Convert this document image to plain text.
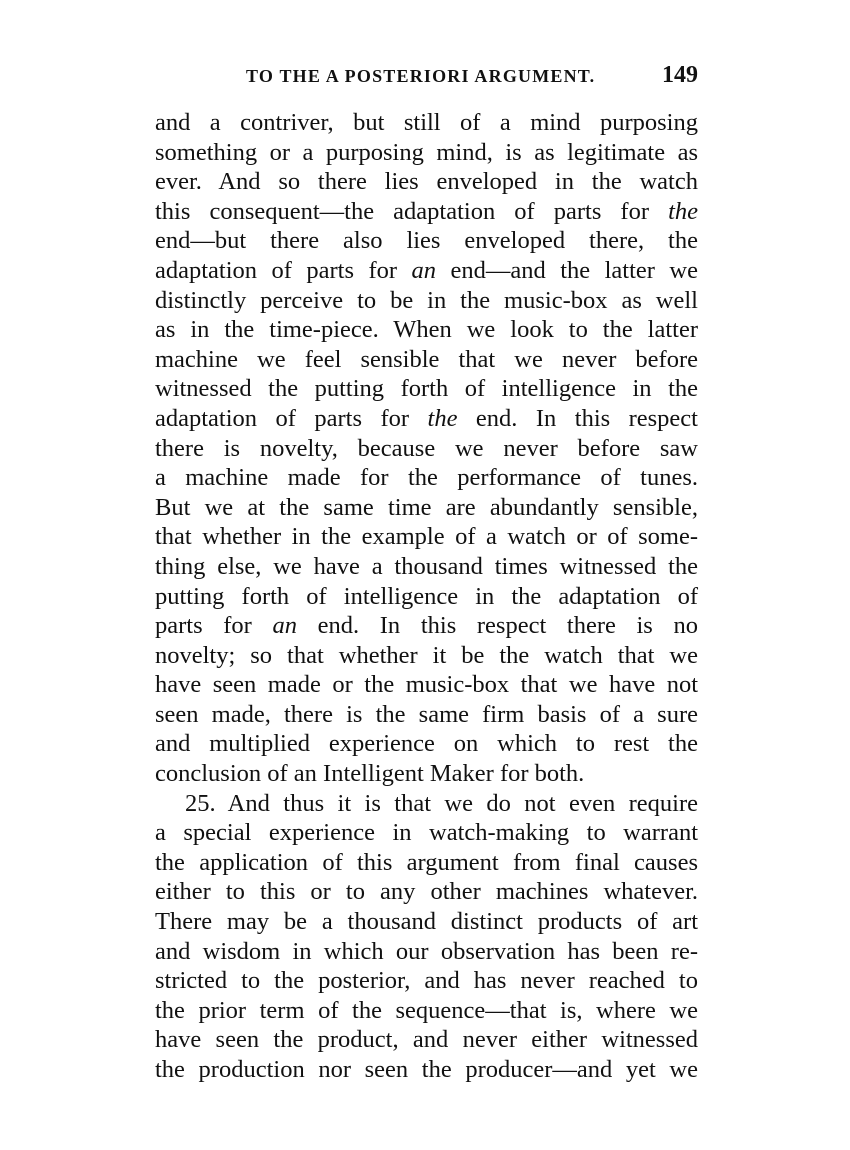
TO THE A POSTERIORI ARGUMENT.	149
and a contriver, but still of a mind purposing
something or a purposing mind, is as legitimate as
ever. And so there lies enveloped in the watch
this consequent—the adaptation of parts for the
end—but there also lies enveloped there, the
adaptation of parts for an end—and the latter we
distinctly perceive to be in the music-box as well
as in the time-piece. When we look to the latter
machine we feel sensible that we never before
witnessed the putting forth of intelligence in the
adaptation of parts for the end. In this respect
there is novelty, because we never before saw
a machine made for the performance of tunes.
But we at the same time are abundantly sensible,
that whether in the example of a watch or of some-
thing else, we have a thousand times witnessed the
putting forth of intelligence in the adaptation of
parts for an end. In this respect there is no
novelty; so that whether it be the watch that we
have seen made or the music-box that we have not
seen made, there is the same firm basis of a sure
and multiplied experience on which to rest the
conclusion of an Intelligent Maker for both.
25. And thus it is that we do not even require
a special experience in watch-making to warrant
the application of this argument from final causes
either to this or to any other machines whatever.
There may be a thousand distinct products of art
and wisdom in which our observation has been re-
stricted to the posterior, and has never reached to
the prior term of the sequence—that is, where we
have seen the product, and never either witnessed
the production nor seen the producer—and yet we
